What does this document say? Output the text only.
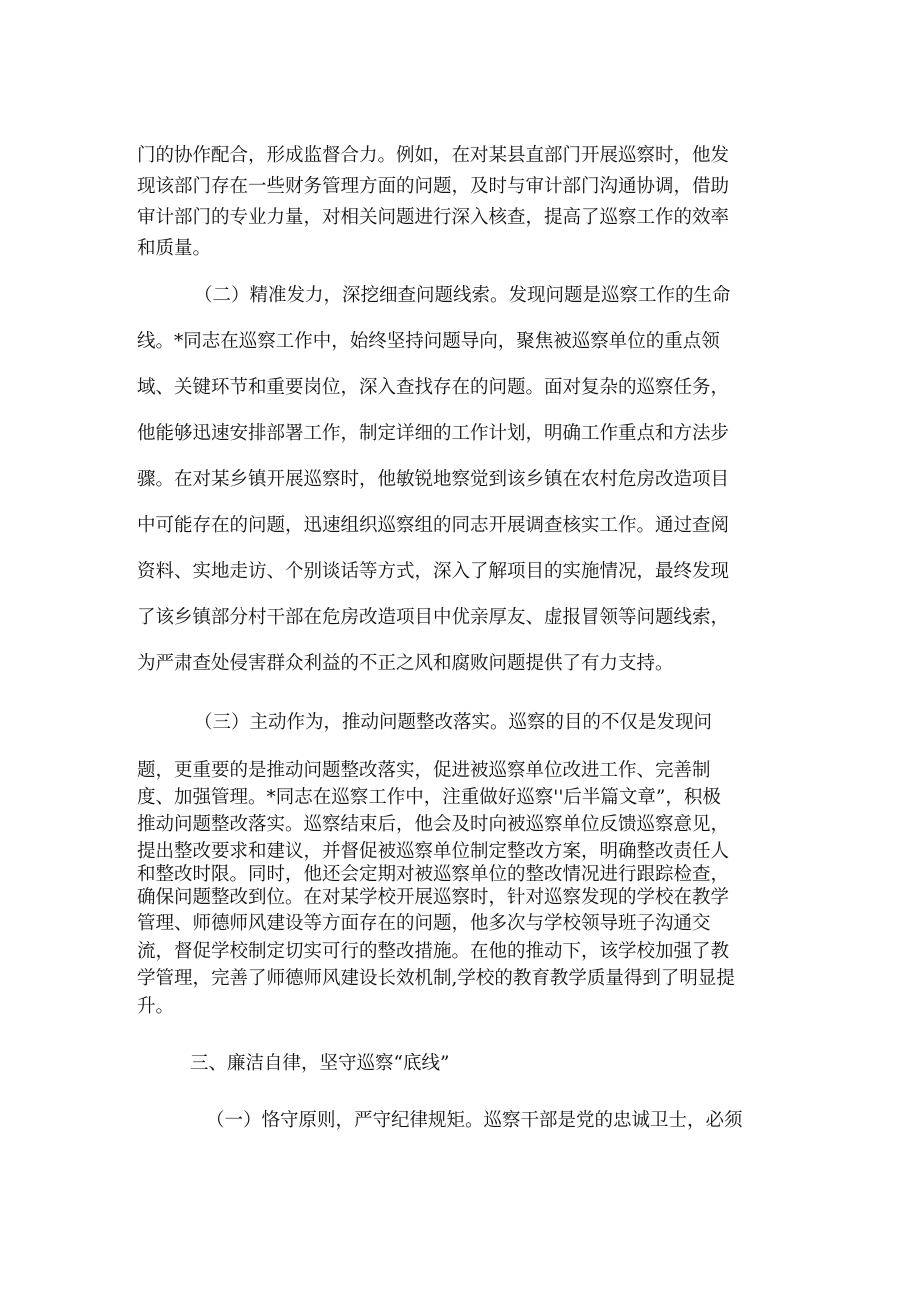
门的协作配合，形成监督合力。例如，在对某县直部门开展巡察时，他发

现该部门存在一些财务管理方面的问题，及时与审计部门沟通协调，借助

审计部门的专业力量，对相关问题进行深入核查，提高了巡察工作的效率

和质量。

（二）精准发力，深挖细查问题线索。发现问题是巡察工作的生命

线。*同志在巡察工作中，始终坚持问题导向，聚焦被巡察单位的重点领

域、关键环节和重要岗位，深入查找存在的问题。面对复杂的巡察任务，

他能够迅速安排部署工作，制定详细的工作计划，明确工作重点和方法步

骤。在对某乡镇开展巡察时，他敏锐地察觉到该乡镇在农村危房改造项目

中可能存在的问题，迅速组织巡察组的同志开展调查核实工作。通过查阅

资料、实地走访、个别谈话等方式，深入了解项目的实施情况，最终发现

了该乡镇部分村干部在危房改造项目中优亲厚友、虚报冒领等问题线索，

为严肃查处侵害群众利益的不正之风和腐败问题提供了有力支持。

（三）主动作为，推动问题整改落实。巡察的目的不仅是发现问

题，更重要的是推动问题整改落实，促进被巡察单位改进工作、完善制

度、加强管理。*同志在巡察工作中，注重做好巡察''后半篇文章”，积极

推动问题整改落实。巡察结束后，他会及时向被巡察单位反馈巡察意见，

提出整改要求和建议，并督促被巡察单位制定整改方案，明确整改责任人

和整改时限。同时，他还会定期对被巡察单位的整改情况进行跟踪检查，

确保问题整改到位。在对某学校开展巡察时，针对巡察发现的学校在教学

管理、师德师风建设等方面存在的问题，他多次与学校领导班子沟通交

流，督促学校制定切实可行的整改措施。在他的推动下，该学校加强了教

学管理，完善了师德师风建设长效机制,学校的教育教学质量得到了明显提

升。

三、廉洁自律，坚守巡察“底线”

（一）恪守原则，严守纪律规矩。巡察干部是党的忠诚卫士，必须
